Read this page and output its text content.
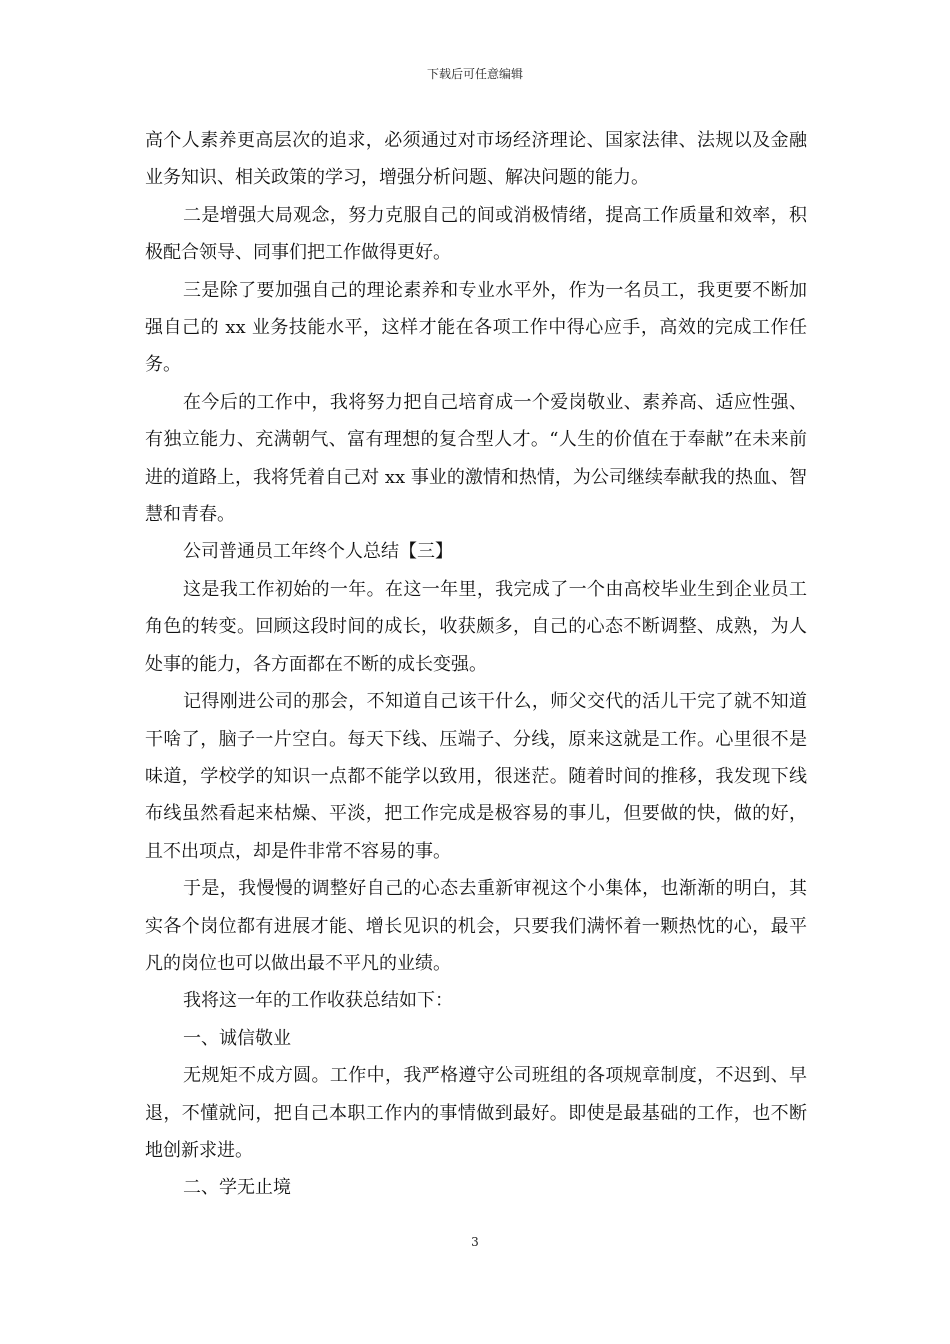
下载后可任意编辑

高个人素养更高层次的追求，必须通过对市场经济理论、国家法律、法规以及金融业务知识、相关政策的学习，增强分析问题、解决问题的能力。

二是增强大局观念，努力克服自己的间或消极情绪，提高工作质量和效率，积极配合领导、同事们把工作做得更好。

三是除了要加强自己的理论素养和专业水平外，作为一名员工，我更要不断加强自己的 xx 业务技能水平，这样才能在各项工作中得心应手，高效的完成工作任务。

在今后的工作中，我将努力把自己培育成一个爱岗敬业、素养高、适应性强、有独立能力、充满朝气、富有理想的复合型人才。“人生的价值在于奉献”在未来前进的道路上，我将凭着自己对 xx 事业的激情和热情，为公司继续奉献我的热血、智慧和青春。

公司普通员工年终个人总结【三】

这是我工作初始的一年。在这一年里，我完成了一个由高校毕业生到企业员工角色的转变。回顾这段时间的成长，收获颇多，自己的心态不断调整、成熟，为人处事的能力，各方面都在不断的成长变强。

记得刚进公司的那会，不知道自己该干什么，师父交代的活儿干完了就不知道干啥了，脑子一片空白。每天下线、压端子、分线，原来这就是工作。心里很不是味道，学校学的知识一点都不能学以致用，很迷茫。随着时间的推移，我发现下线布线虽然看起来枯燥、平淡，把工作完成是极容易的事儿，但要做的快，做的好，且不出项点，却是件非常不容易的事。

于是，我慢慢的调整好自己的心态去重新审视这个小集体，也渐渐的明白，其实各个岗位都有进展才能、增长见识的机会，只要我们满怀着一颗热忱的心，最平凡的岗位也可以做出最不平凡的业绩。

我将这一年的工作收获总结如下：

一、诚信敬业

无规矩不成方圆。工作中，我严格遵守公司班组的各项规章制度，不迟到、早退，不懂就问，把自己本职工作内的事情做到最好。即使是最基础的工作，也不断地创新求进。

二、学无止境

3
